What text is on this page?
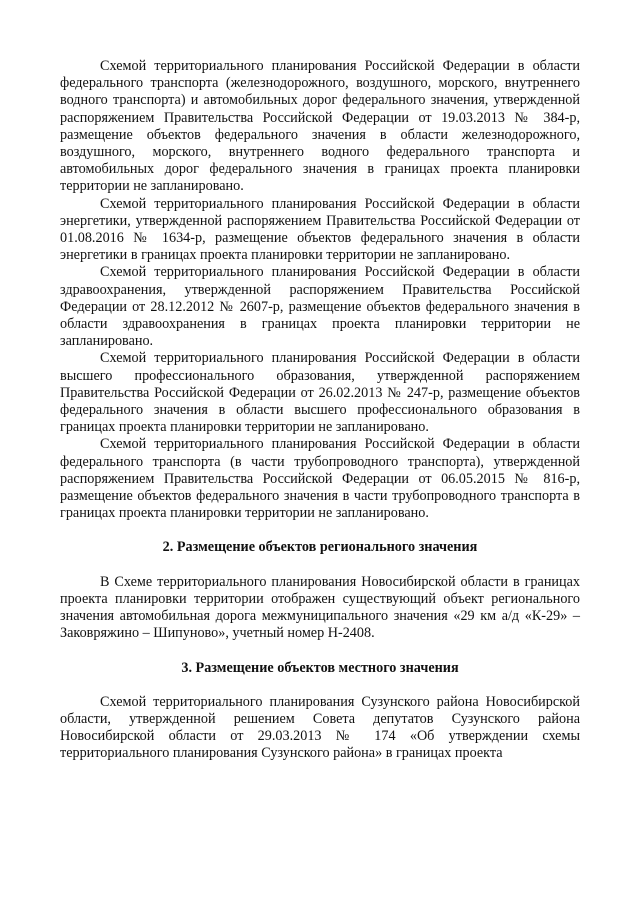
Схемой территориального планирования Российской Федерации в области федерального транспорта (железнодорожного, воздушного, морского, внутреннего водного транспорта) и автомобильных дорог федерального значения, утвержденной распоряжением Правительства Российской Федерации от 19.03.2013 № 384-р, размещение объектов федерального значения в области железнодорожного, воздушного, морского, внутреннего водного федерального транспорта и автомобильных дорог федерального значения в границах проекта планировки территории не запланировано.

Схемой территориального планирования Российской Федерации в области энергетики, утвержденной распоряжением Правительства Российской Федерации от 01.08.2016 № 1634-р, размещение объектов федерального значения в области энергетики в границах проекта планировки территории не запланировано.

Схемой территориального планирования Российской Федерации в области здравоохранения, утвержденной распоряжением Правительства Российской Федерации от 28.12.2012 № 2607-р, размещение объектов федерального значения в области здравоохранения в границах проекта планировки территории не запланировано.

Схемой территориального планирования Российской Федерации в области высшего профессионального образования, утвержденной распоряжением Правительства Российской Федерации от 26.02.2013 № 247-р, размещение объектов федерального значения в области высшего профессионального образования в границах проекта планировки территории не запланировано.

Схемой территориального планирования Российской Федерации в области федерального транспорта (в части трубопроводного транспорта), утвержденной распоряжением Правительства Российской Федерации от 06.05.2015 № 816-р, размещение объектов федерального значения в части трубопроводного транспорта в границах проекта планировки территории не запланировано.

2. Размещение объектов регионального значения

В Схеме территориального планирования Новосибирской области в границах проекта планировки территории отображен существующий объект регионального значения автомобильная дорога межмуниципального значения «29 км а/д «К-29» – Заковряжино – Шипуново», учетный номер Н-2408.

3. Размещение объектов местного значения

Схемой территориального планирования Сузунского района Новосибирской области, утвержденной решением Совета депутатов Сузунского района Новосибирской области от 29.03.2013 № 174 «Об утверждении схемы территориального планирования Сузунского района» в границах проекта
